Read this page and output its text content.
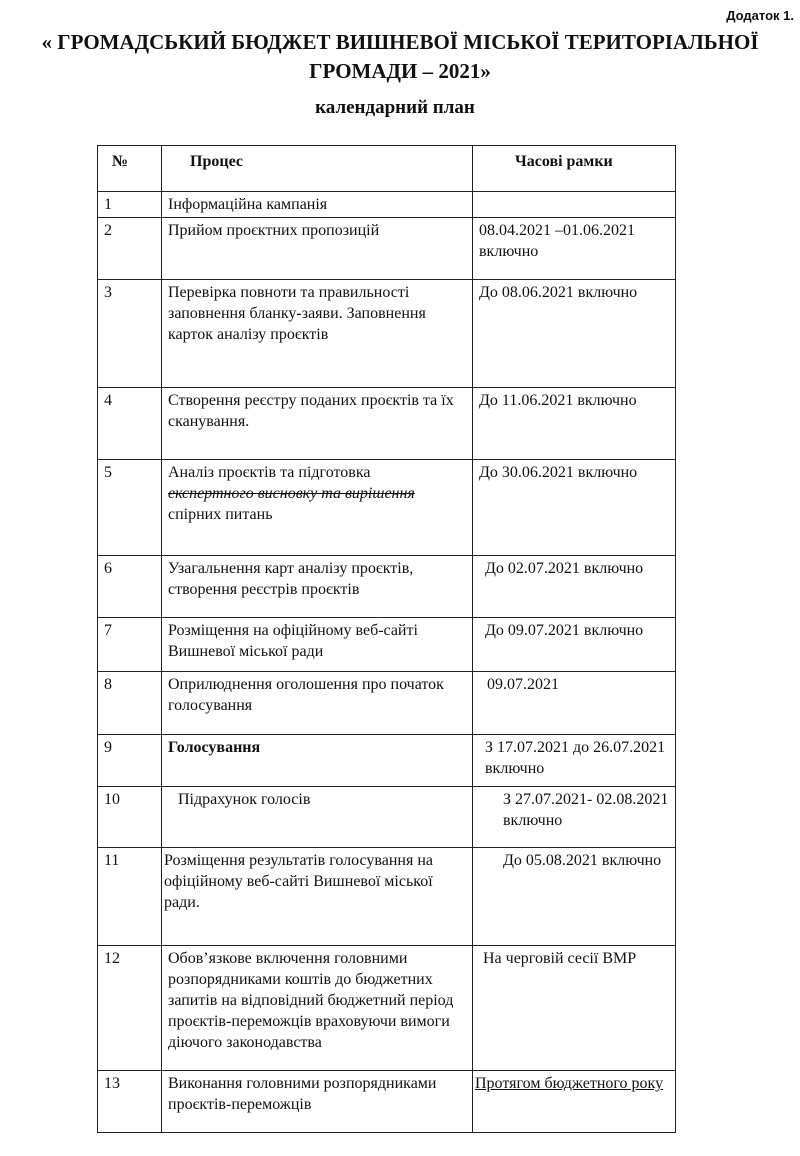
Додаток 1.
« ГРОМАДСЬКИЙ БЮДЖЕТ ВИШНЕВОЇ МІСЬКОЇ ТЕРИТОРІАЛЬНОЇ
ГРОМАДИ – 2021»
календарний план
№	Процес	Часові рамки
1	Інформаційна кампанія	
2	Прийом проєктних пропозицій	08.04.2021 –01.06.2021 включно
3	Перевірка повноти та правильності заповнення бланку-заяви. Заповнення карток аналізу проєктів	До 08.06.2021 включно
4	Створення реєстру поданих проєктів та їх сканування.	До 11.06.2021 включно
5	Аналіз проєктів та підготовка
експертного висновку та вирішення
спірних питань	До 30.06.2021 включно
6	Узагальнення карт аналізу проєктів, створення реєстрів проєктів	До 02.07.2021 включно
7	Розміщення на офіційному веб-сайті Вишневої міської ради	До 09.07.2021 включно
8	Оприлюднення оголошення про початок голосування	09.07.2021
9	Голосування	З 17.07.2021 до 26.07.2021 включно
10	Підрахунок голосів	З 27.07.2021- 02.08.2021 включно
11	Розміщення результатів голосування на офіційному веб-сайті Вишневої міської ради.	До 05.08.2021 включно
12	Обов’язкове включення головними розпорядниками коштів до бюджетних запитів на відповідний бюджетний період проєктів-переможців враховуючи вимоги діючого законодавства	На черговій сесії ВМР
13	Виконання головними розпорядниками проєктів-переможців	Протягом бюджетного року
